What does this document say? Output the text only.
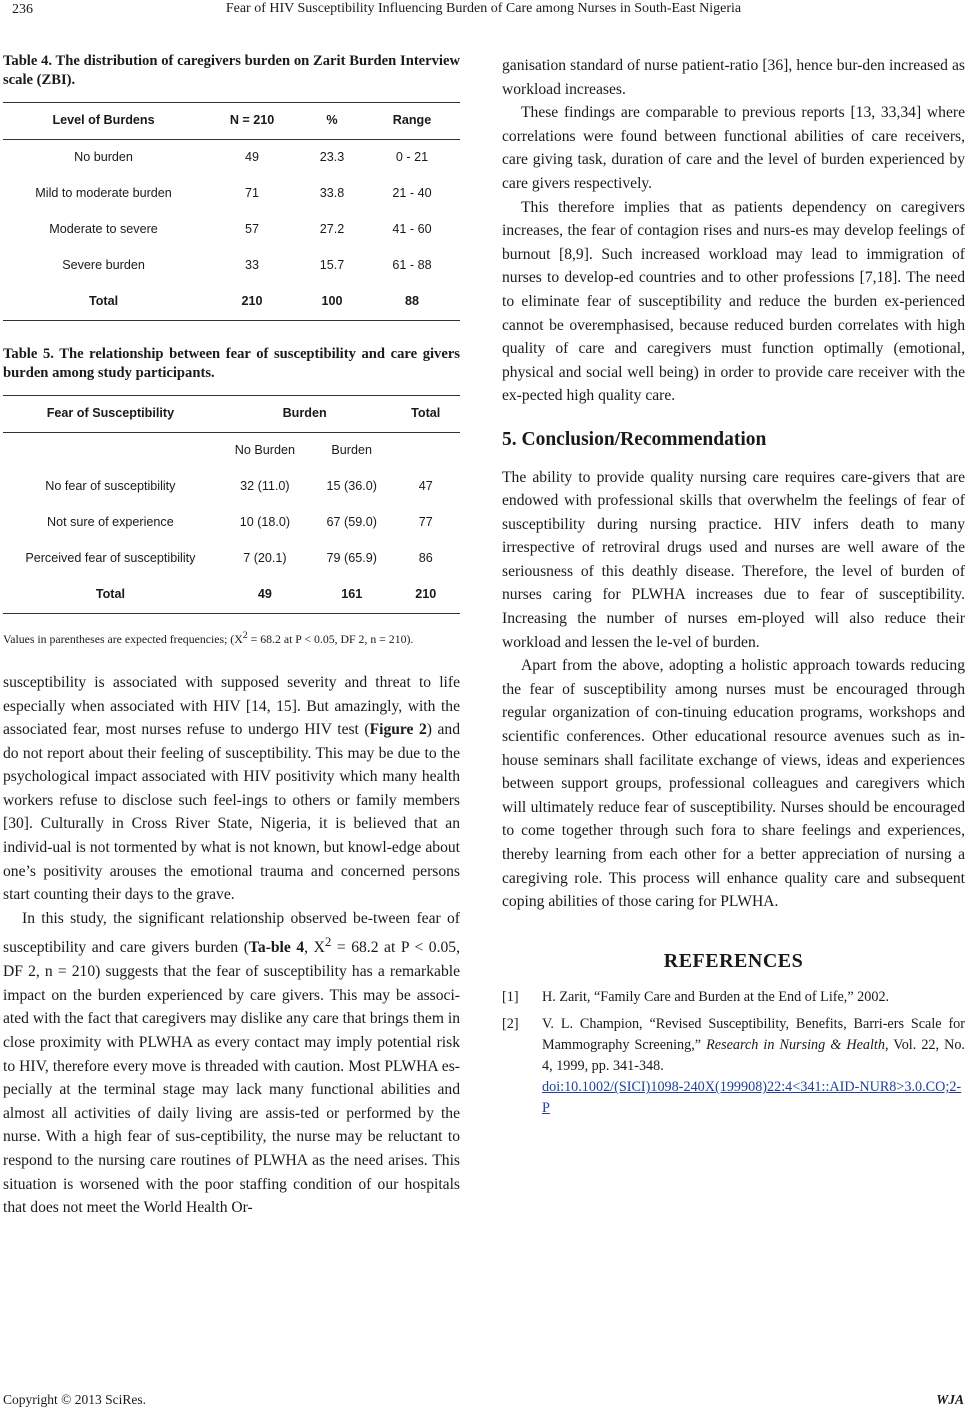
236	Fear of HIV Susceptibility Influencing Burden of Care among Nurses in South-East Nigeria

Table 4. The distribution of caregivers burden on Zarit Burden Interview scale (ZBI).

Level of Burdens	N = 210	%	Range
No burden	49	23.3	0 - 21
Mild to moderate burden	71	33.8	21 - 40
Moderate to severe	57	27.2	41 - 60
Severe burden	33	15.7	61 - 88
Total	210	100	88

Table 5. The relationship between fear of susceptibility and care givers burden among study participants.

Fear of Susceptibility	Burden		Total
	No Burden	Burden	
No fear of susceptibility	32 (11.0)	15 (36.0)	47
Not sure of experience	10 (18.0)	67 (59.0)	77
Perceived fear of susceptibility	7 (20.1)	79 (65.9)	86
Total	49	161	210
Values in parentheses are expected frequencies; ($X^2 = 68.2$ at P < 0.05, DF 2, n = 210).

susceptibility is associated with supposed severity and threat to life especially when associated with HIV [14, 15]. But amazingly, with the associated fear, most nurses refuse to undergo HIV test (Figure 2) and do not report about their feeling of susceptibility. This may be due to the psychological impact associated with HIV positivity which many health workers refuse to disclose such feel-ings to others or family members [30]. Culturally in Cross River State, Nigeria, it is believed that an individ-ual is not tormented by what is not known, but knowl-edge about one’s positivity arouses the emotional trauma and concerned persons start counting their days to the grave.

In this study, the significant relationship observed be-tween fear of susceptibility and care givers burden (Ta-ble 4, $X^2 = 68.2$ at P < 0.05, DF 2, n = 210) suggests that the fear of susceptibility has a remarkable impact on the burden experienced by care givers. This may be associ-ated with the fact that caregivers may dislike any care that brings them in close proximity with PLWHA as every contact may imply potential risk to HIV, therefore every move is threaded with caution. Most PLWHA es-pecially at the terminal stage may lack many functional abilities and almost all activities of daily living are assis-ted or performed by the nurse. With a high fear of sus-ceptibility, the nurse may be reluctant to respond to the nursing care routines of PLWHA as the need arises. This situation is worsened with the poor staffing condition of our hospitals that does not meet the World Health Or-

ganisation standard of nurse patient-ratio [36], hence bur-den increased as workload increases.

These findings are comparable to previous reports [13, 33,34] where correlations were found between functional abilities of care receivers, care giving task, duration of care and the level of burden experienced by care givers respectively.

This therefore implies that as patients dependency on caregivers increases, the fear of contagion rises and nurs-es may develop feelings of burnout [8,9]. Such increased workload may lead to immigration of nurses to develop-ed countries and to other professions [7,18]. The need to eliminate fear of susceptibility and reduce the burden ex-perienced cannot be overemphasised, because reduced burden correlates with high quality of care and caregivers must function optimally (emotional, physical and social well being) in order to provide care receiver with the ex-pected high quality care.

5. Conclusion/Recommendation

The ability to provide quality nursing care requires care-givers that are endowed with professional skills that overwhelm the feelings of fear of susceptibility during nursing practice. HIV infers death to many irrespective of retroviral drugs used and nurses are well aware of the seriousness of this deathly disease. Therefore, the level of burden of nurses caring for PLWHA increases due to fear of susceptibility. Increasing the number of nurses em-ployed will also reduce their workload and lessen the le-vel of burden.

Apart from the above, adopting a holistic approach towards reducing the fear of susceptibility among nurses must be encouraged through regular organization of con-tinuing education programs, workshops and scientific conferences. Other educational resource avenues such as in-house seminars shall facilitate exchange of views, ideas and experiences between support groups, professional colleagues and caregivers which will ultimately reduce fear of susceptibility. Nurses should be encouraged to come together through such fora to share feelings and experiences, thereby learning from each other for a better appreciation of nursing a caregiving role. This process will enhance quality care and subsequent coping abilities of those caring for PLWHA.

REFERENCES
[1]	H. Zarit, “Family Care and Burden at the End of Life,” 2002.
[2]	V. L. Champion, “Revised Susceptibility, Benefits, Barri-ers Scale for Mammography Screening,” Research in Nursing & Health, Vol. 22, No. 4, 1999, pp. 341-348.
doi:10.1002/(SICI)1098-240X(199908)22:4<341::AID-NUR8>3.0.CO;2-P
Copyright © 2013 SciRes.	WJA
